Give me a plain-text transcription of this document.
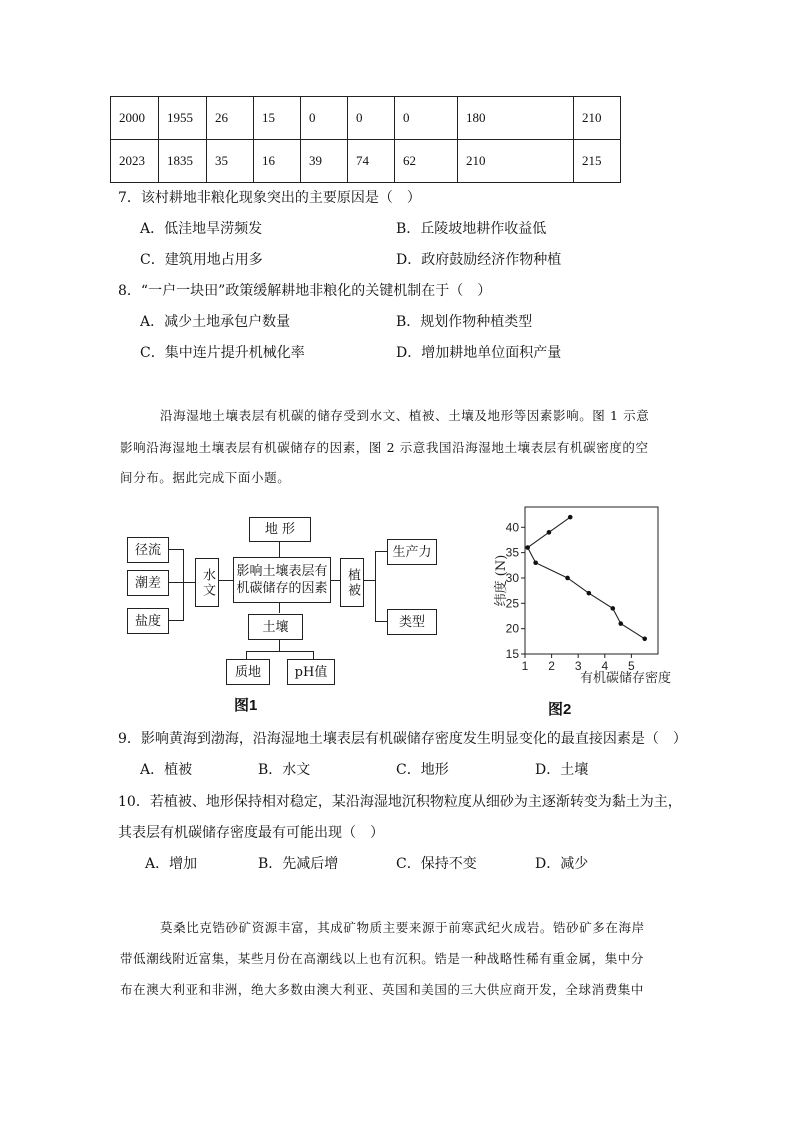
2000	1955	26	15	0	0	0	180	210
2023	1835	35	16	39	74	62	210	215
7．该村耕地非粮化现象突出的主要原因是（　）
A．低洼地旱涝频发	B．丘陵坡地耕作收益低
C．建筑用地占用多	D．政府鼓励经济作物种植
8．“一户一块田”政策缓解耕地非粮化的关键机制在于（　）
A．减少土地承包户数量	B．规划作物种植类型
C．集中连片提升机械化率	D．增加耕地单位面积产量
沿海湿地土壤表层有机碳的储存受到水文、植被、土壤及地形等因素影响。图 1 示意
影响沿海湿地土壤表层有机碳储存的因素，图 2 示意我国沿海湿地土壤表层有机碳密度的空
间分布。据此完成下面小题。
地 形
影响土壤表层有
机碳储存的因素
水文	植被
土壤
径流
潮差
盐度
生产力
类型
质地	pH值
图1
15
20
25
30
35
40
1 2 3 4 5
纬度 (N)
有机碳储存密度
图2
9．影响黄海到渤海，沿海湿地土壤表层有机碳储存密度发生明显变化的最直接因素是（　）
A．植被	B．水文	C．地形	D．土壤
10．若植被、地形保持相对稳定，某沿海湿地沉积物粒度从细砂为主逐渐转变为黏土为主，
其表层有机碳储存密度最有可能出现（　）
A．增加	B．先减后增	C．保持不变	D．减少
莫桑比克锆砂矿资源丰富，其成矿物质主要来源于前寒武纪火成岩。锆砂矿多在海岸
带低潮线附近富集，某些月份在高潮线以上也有沉积。锆是一种战略性稀有重金属，集中分
布在澳大利亚和非洲，绝大多数由澳大利亚、英国和美国的三大供应商开发，全球消费集中
